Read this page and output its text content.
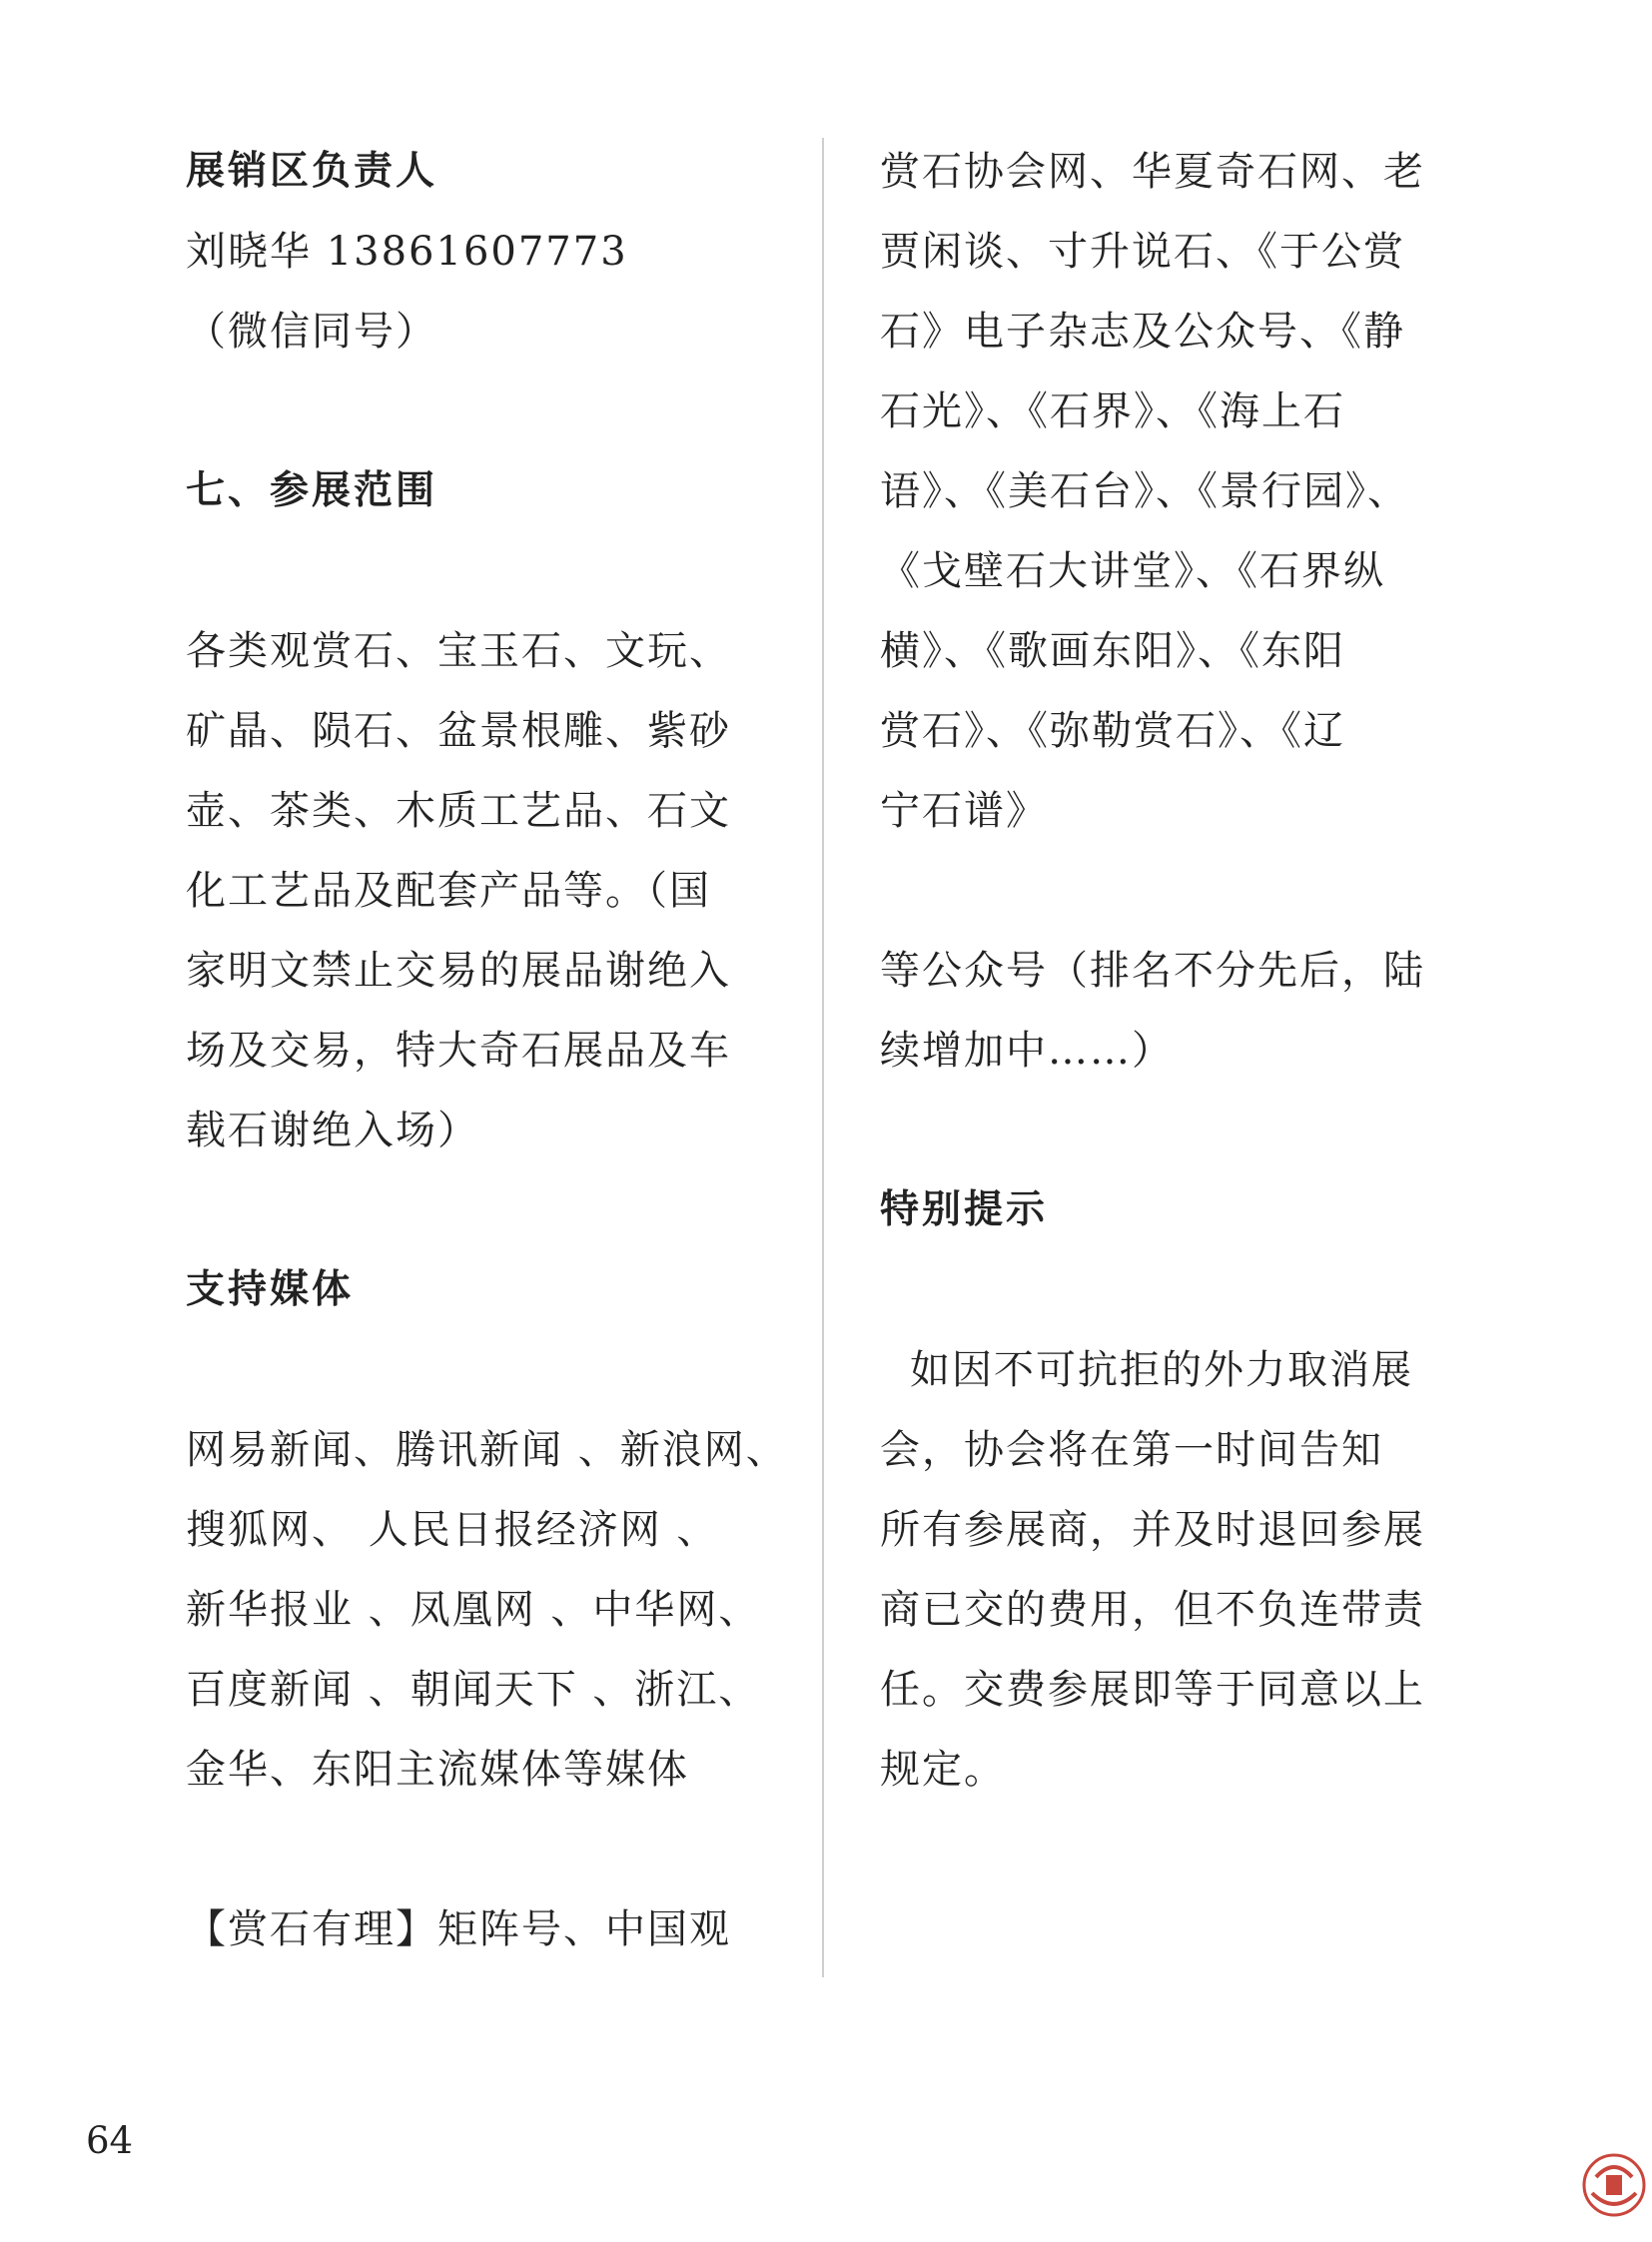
展销区负责人
刘晓华 13861607773
（微信同号）
七、参展范围
各类观赏石、宝玉石、文玩、
矿晶、陨石、盆景根雕、紫砂
壶、茶类、木质工艺品、石文
化工艺品及配套产品等。（国
家明文禁止交易的展品谢绝入
场及交易，特大奇石展品及车
载石谢绝入场）
支持媒体
网易新闻、腾讯新闻 、新浪网、
搜狐网、 人民日报经济网 、
新华报业 、凤凰网 、中华网、
百度新闻 、朝闻天下 、浙江、
金华、东阳主流媒体等媒体
【赏石有理】矩阵号、中国观
赏石协会网、华夏奇石网、老
贾闲谈、寸升说石、《于公赏
石》电子杂志及公众号、《静
石光》、《石界》、《海上石
语》、《美石台》、《景行园》、
《戈壁石大讲堂》、《石界纵
横》、《歌画东阳》、《东阳
赏石》、《弥勒赏石》、《辽
宁石谱》
等公众号（排名不分先后，陆
续增加中……）
特别提示
如因不可抗拒的外力取消展
会，协会将在第一时间告知
所有参展商，并及时退回参展
商已交的费用，但不负连带责
任。交费参展即等于同意以上
规定。
64
